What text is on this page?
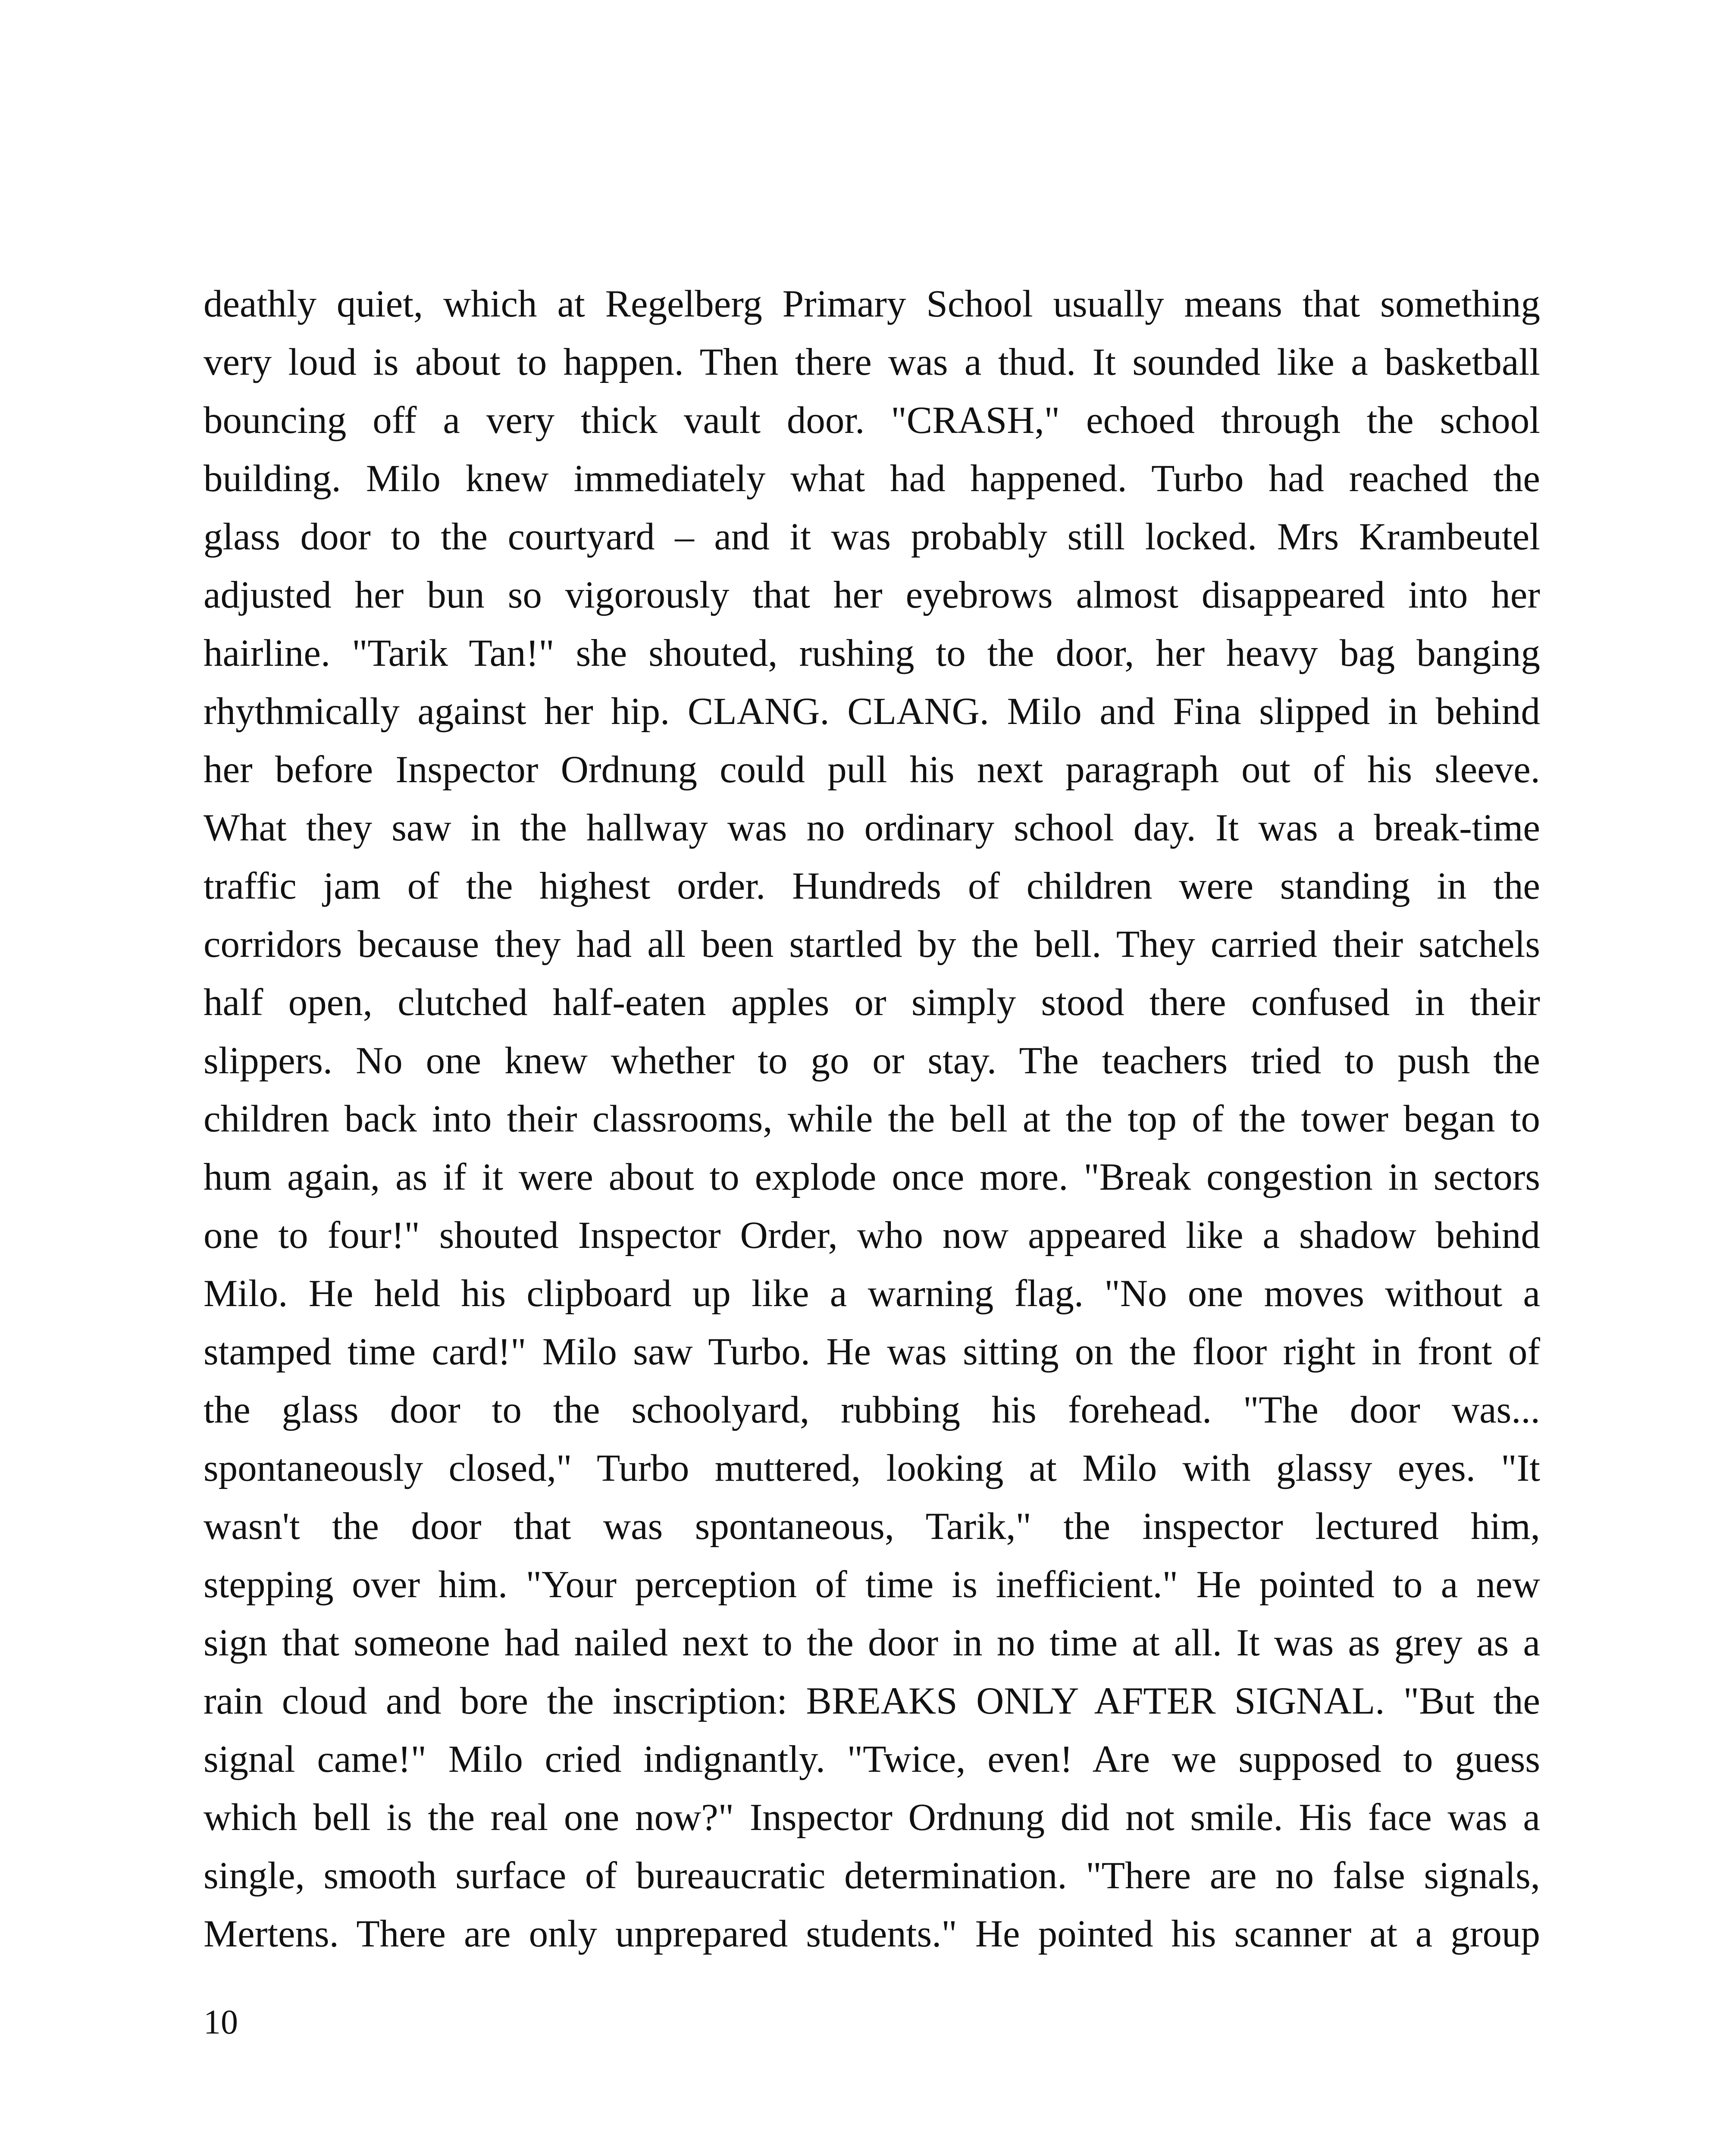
deathly quiet, which at Regelberg Primary School usually means that something
very loud is about to happen. Then there was a thud. It sounded like a basketball
bouncing off a very thick vault door. "CRASH," echoed through the school
building. Milo knew immediately what had happened. Turbo had reached the
glass door to the courtyard – and it was probably still locked. Mrs Krambeutel
adjusted her bun so vigorously that her eyebrows almost disappeared into her
hairline. "Tarik Tan!" she shouted, rushing to the door, her heavy bag banging
rhythmically against her hip. CLANG. CLANG. Milo and Fina slipped in behind
her before Inspector Ordnung could pull his next paragraph out of his sleeve.
What they saw in the hallway was no ordinary school day. It was a break-time
traffic jam of the highest order. Hundreds of children were standing in the
corridors because they had all been startled by the bell. They carried their satchels
half open, clutched half-eaten apples or simply stood there confused in their
slippers. No one knew whether to go or stay. The teachers tried to push the
children back into their classrooms, while the bell at the top of the tower began to
hum again, as if it were about to explode once more. "Break congestion in sectors
one to four!" shouted Inspector Order, who now appeared like a shadow behind
Milo. He held his clipboard up like a warning flag. "No one moves without a
stamped time card!" Milo saw Turbo. He was sitting on the floor right in front of
the glass door to the schoolyard, rubbing his forehead. "The door was...
spontaneously closed," Turbo muttered, looking at Milo with glassy eyes. "It
wasn't the door that was spontaneous, Tarik," the inspector lectured him,
stepping over him. "Your perception of time is inefficient." He pointed to a new
sign that someone had nailed next to the door in no time at all. It was as grey as a
rain cloud and bore the inscription: BREAKS ONLY AFTER SIGNAL. "But the
signal came!" Milo cried indignantly. "Twice, even! Are we supposed to guess
which bell is the real one now?" Inspector Ordnung did not smile. His face was a
single, smooth surface of bureaucratic determination. "There are no false signals,
Mertens. There are only unprepared students." He pointed his scanner at a group
10
